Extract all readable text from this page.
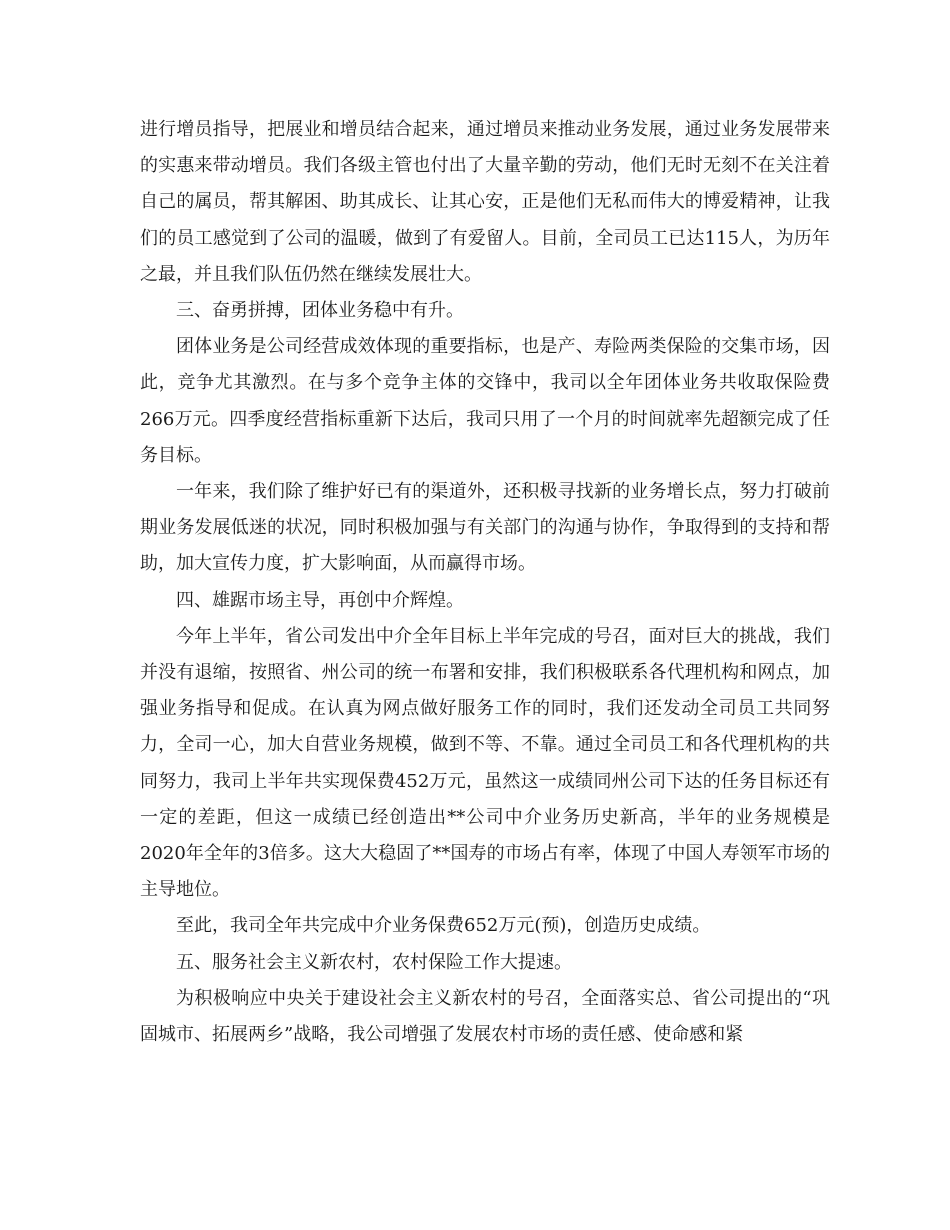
进行增员指导，把展业和增员结合起来，通过增员来推动业务发展，通过业务发展带来的实惠来带动增员。我们各级主管也付出了大量辛勤的劳动，他们无时无刻不在关注着自己的属员，帮其解困、助其成长、让其心安，正是他们无私而伟大的博爱精神，让我们的员工感觉到了公司的温暖，做到了有爱留人。目前，全司员工已达115人，为历年之最，并且我们队伍仍然在继续发展壮大。

三、奋勇拼搏，团体业务稳中有升。

团体业务是公司经营成效体现的重要指标，也是产、寿险两类保险的交集市场，因此，竞争尤其激烈。在与多个竞争主体的交锋中，我司以全年团体业务共收取保险费266万元。四季度经营指标重新下达后，我司只用了一个月的时间就率先超额完成了任务目标。

一年来，我们除了维护好已有的渠道外，还积极寻找新的业务增长点，努力打破前期业务发展低迷的状况，同时积极加强与有关部门的沟通与协作，争取得到的支持和帮助，加大宣传力度，扩大影响面，从而赢得市场。

四、雄踞市场主导，再创中介辉煌。

今年上半年，省公司发出中介全年目标上半年完成的号召，面对巨大的挑战，我们并没有退缩，按照省、州公司的统一布署和安排，我们积极联系各代理机构和网点，加强业务指导和促成。在认真为网点做好服务工作的同时，我们还发动全司员工共同努力，全司一心，加大自营业务规模，做到不等、不靠。通过全司员工和各代理机构的共同努力，我司上半年共实现保费452万元，虽然这一成绩同州公司下达的任务目标还有一定的差距，但这一成绩已经创造出**公司中介业务历史新高，半年的业务规模是2020年全年的3倍多。这大大稳固了**国寿的市场占有率，体现了中国人寿领军市场的主导地位。

至此，我司全年共完成中介业务保费652万元(预)，创造历史成绩。

五、服务社会主义新农村，农村保险工作大提速。

为积极响应中央关于建设社会主义新农村的号召，全面落实总、省公司提出的“巩固城市、拓展两乡”战略，我公司增强了发展农村市场的责任感、使命感和紧
